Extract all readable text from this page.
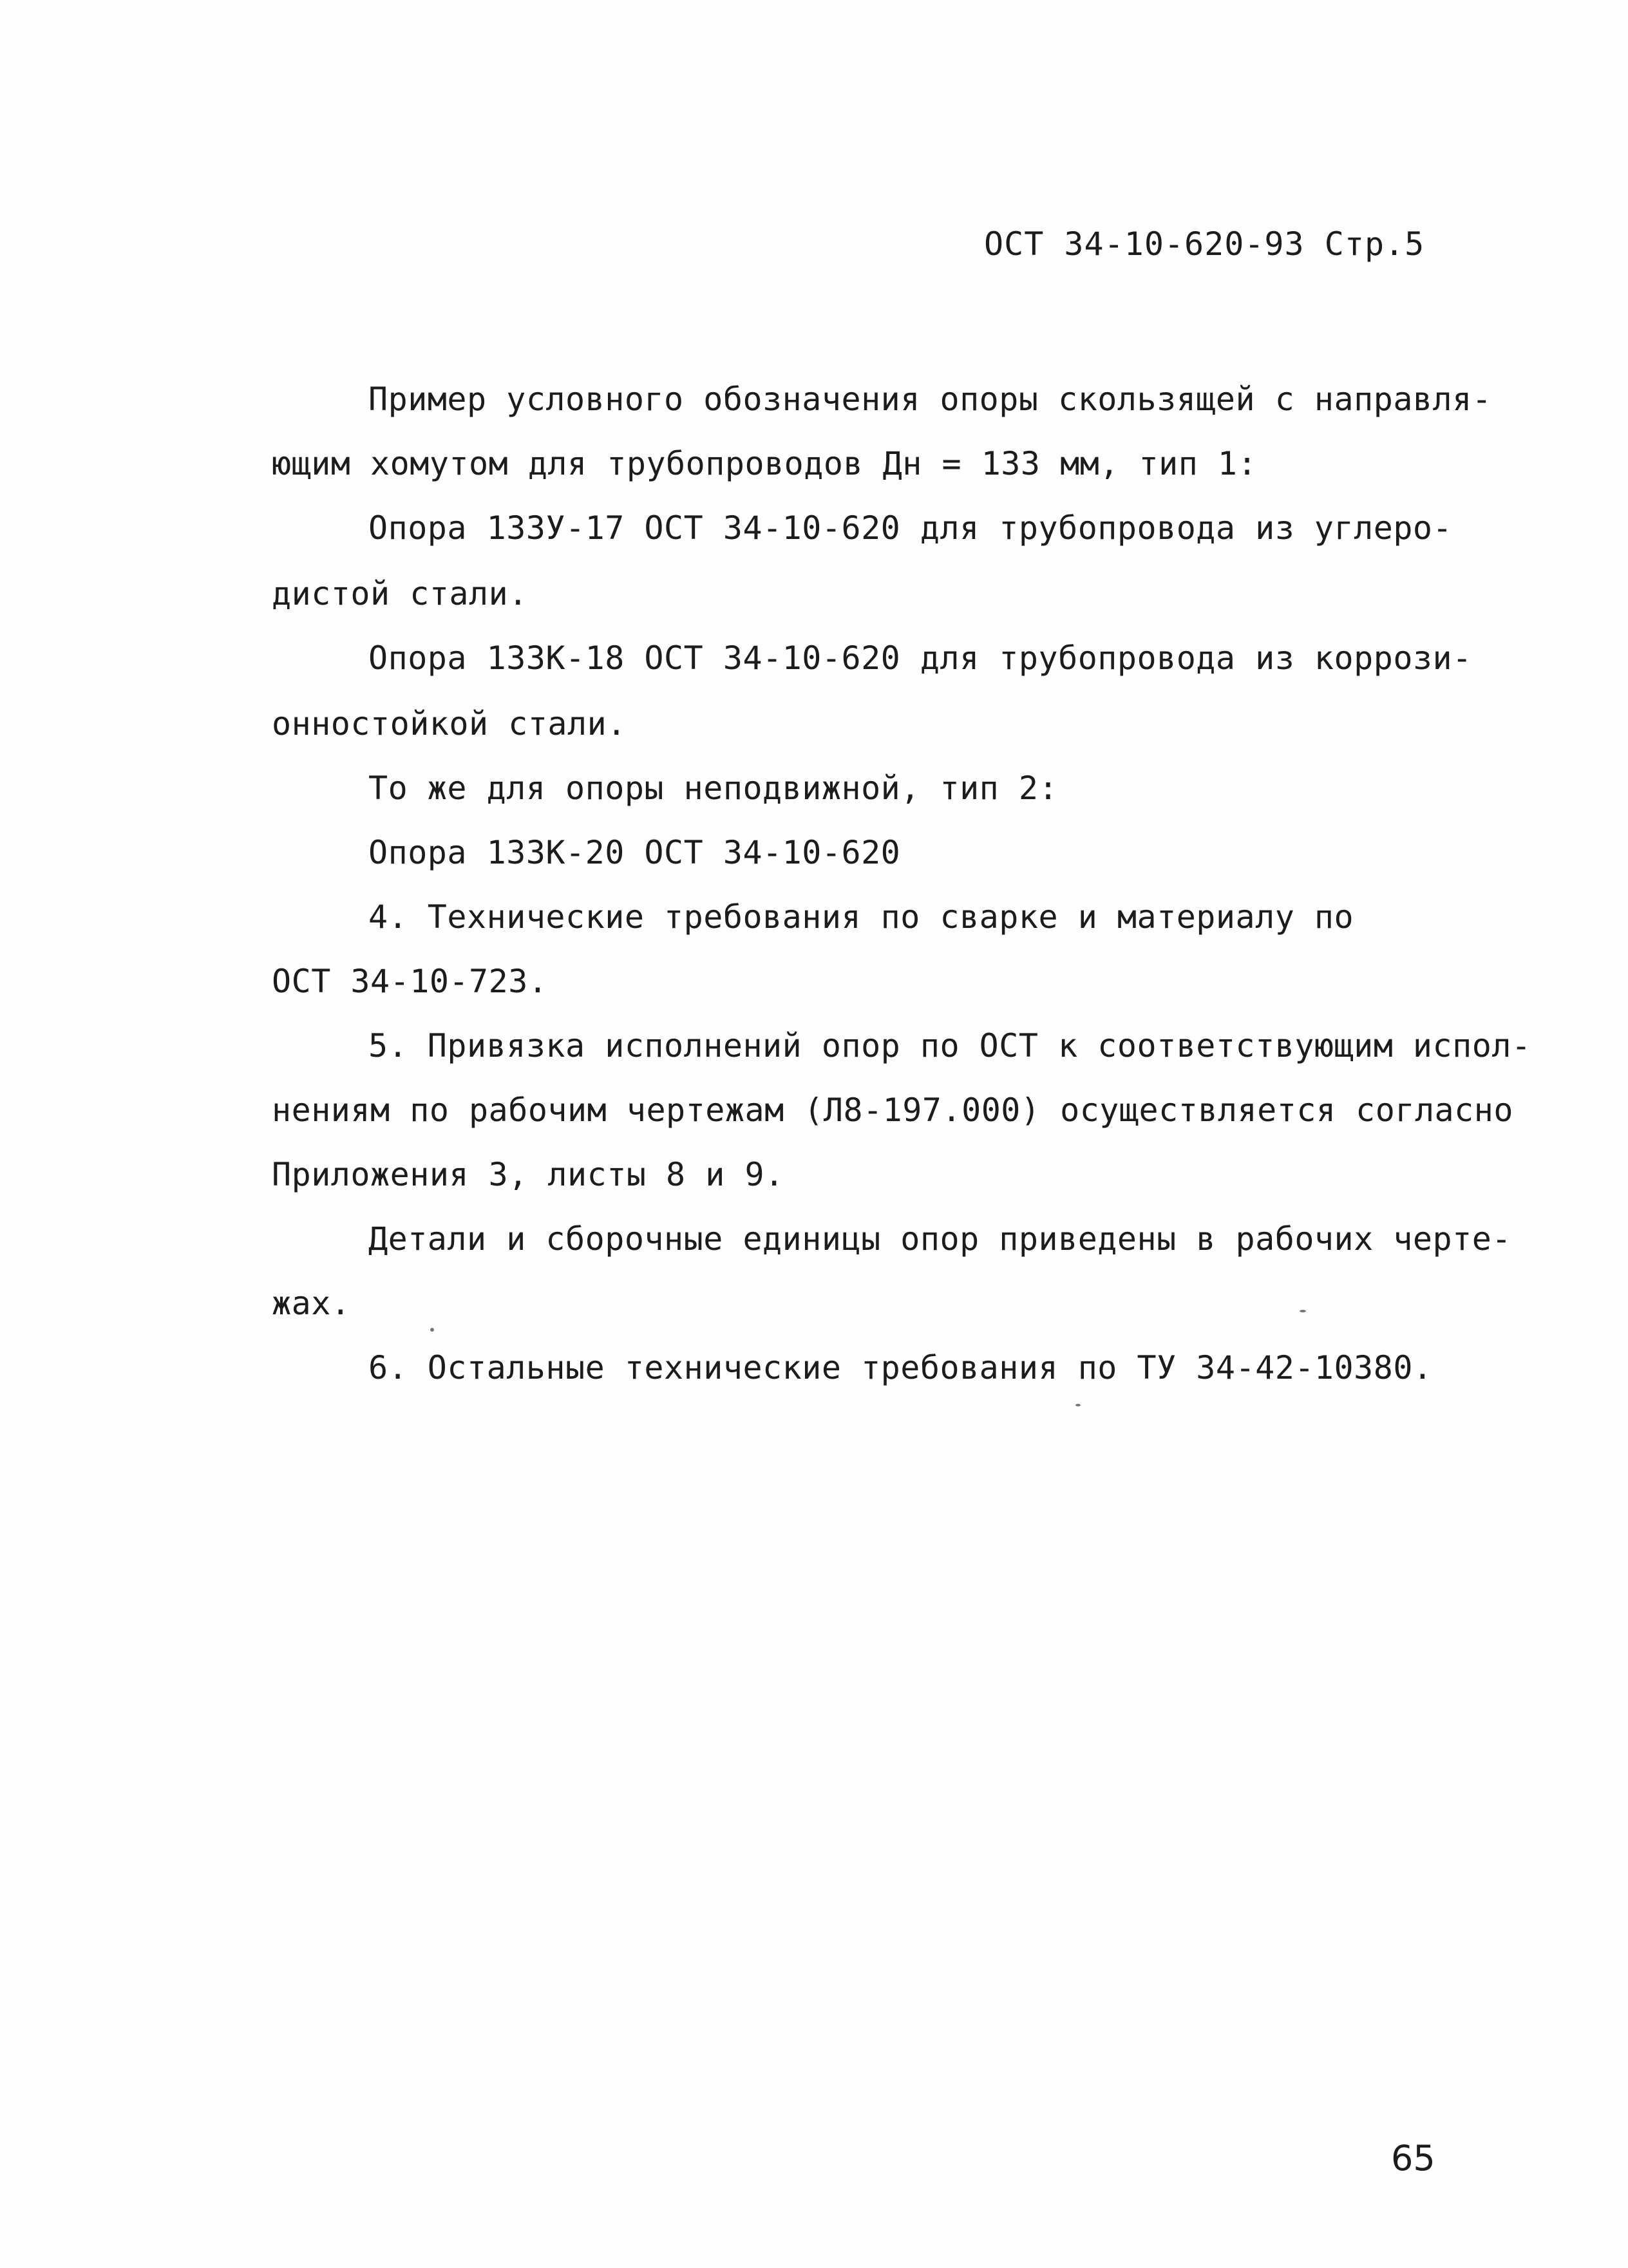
ОСТ 34-10-620-93 Стр.5
Пример условного обозначения опоры скользящей с направля-
ющим хомутом для трубопроводов Дн = 133 мм, тип 1:
Опора 133У-17 ОСТ 34-10-620 для трубопровода из углеро-
дистой стали.
Опора 133К-18 ОСТ 34-10-620 для трубопровода из коррози-
онностойкой стали.
То же для опоры неподвижной, тип 2:
Опора 133К-20 ОСТ 34-10-620
4. Технические требования по сварке и материалу по
ОСТ 34-10-723.
5. Привязка исполнений опор по ОСТ к соответствующим испол-
нениям по рабочим чертежам (Л8-197.000) осуществляется согласно
Приложения 3, листы 8 и 9.
Детали и сборочные единицы опор приведены в рабочих черте-
жах.
6. Остальные технические требования по ТУ 34-42-10380.
65
